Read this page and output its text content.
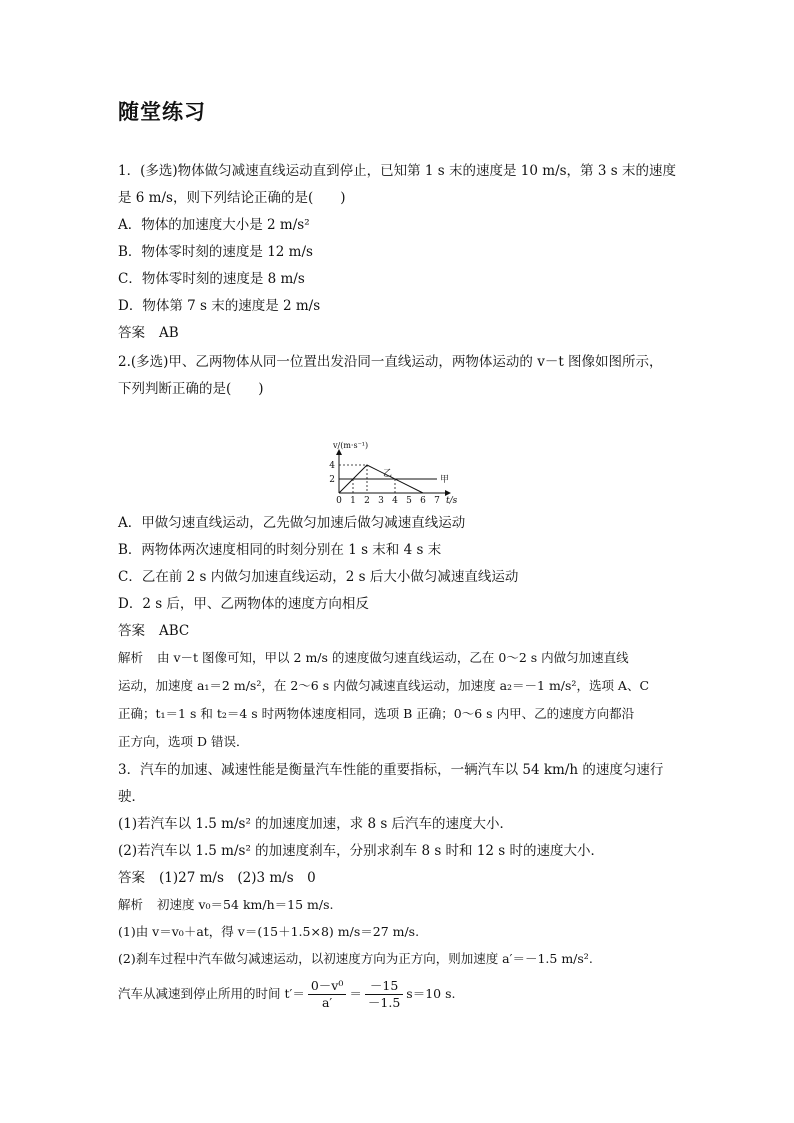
随堂练习
1．(多选)物体做匀减速直线运动直到停止，已知第 1 s 末的速度是 10 m/s，第 3 s 末的速度
是 6 m/s，则下列结论正确的是(　　)
A．物体的加速度大小是 2 m/s²
B．物体零时刻的速度是 12 m/s
C．物体零时刻的速度是 8 m/s
D．物体第 7 s 末的速度是 2 m/s
答案 AB
2.(多选)甲、乙两物体从同一位置出发沿同一直线运动，两物体运动的 v－t 图像如图所示，
下列判断正确的是(　　)
0 1 2 3 4 5 6 7 t/s
2
4
v/(m·s⁻¹)
甲
乙
A．甲做匀速直线运动，乙先做匀加速后做匀减速直线运动
B．两物体两次速度相同的时刻分别在 1 s 末和 4 s 末
C．乙在前 2 s 内做匀加速直线运动，2 s 后大小做匀减速直线运动
D．2 s 后，甲、乙两物体的速度方向相反
答案 ABC
解析 由 v－t 图像可知，甲以 2 m/s 的速度做匀速直线运动，乙在 0～2 s 内做匀加速直线
运动，加速度 a₁＝2 m/s²，在 2～6 s 内做匀减速直线运动，加速度 a₂＝－1 m/s²，选项 A、C
正确；t₁＝1 s 和 t₂＝4 s 时两物体速度相同，选项 B 正确；0～6 s 内甲、乙的速度方向都沿
正方向，选项 D 错误．
3．汽车的加速、减速性能是衡量汽车性能的重要指标，一辆汽车以 54 km/h 的速度匀速行
驶．
(1)若汽车以 1.5 m/s² 的加速度加速，求 8 s 后汽车的速度大小．
(2)若汽车以 1.5 m/s² 的加速度刹车，分别求刹车 8 s 时和 12 s 时的速度大小．
答案 (1)27 m/s　(2)3 m/s　0
解析 初速度 v₀＝54 km/h＝15 m/s.
(1)由 v＝v₀＋at，得 v＝(15＋1.5×8) m/s＝27 m/s.
(2)刹车过程中汽车做匀减速运动，以初速度方向为正方向，则加速度 a′＝－1.5 m/s².
汽车从减速到停止所用的时间 $t'= \frac{\text{0－v⁰}}{a'} = \frac{-15}{-1.5} s=10$ s.
